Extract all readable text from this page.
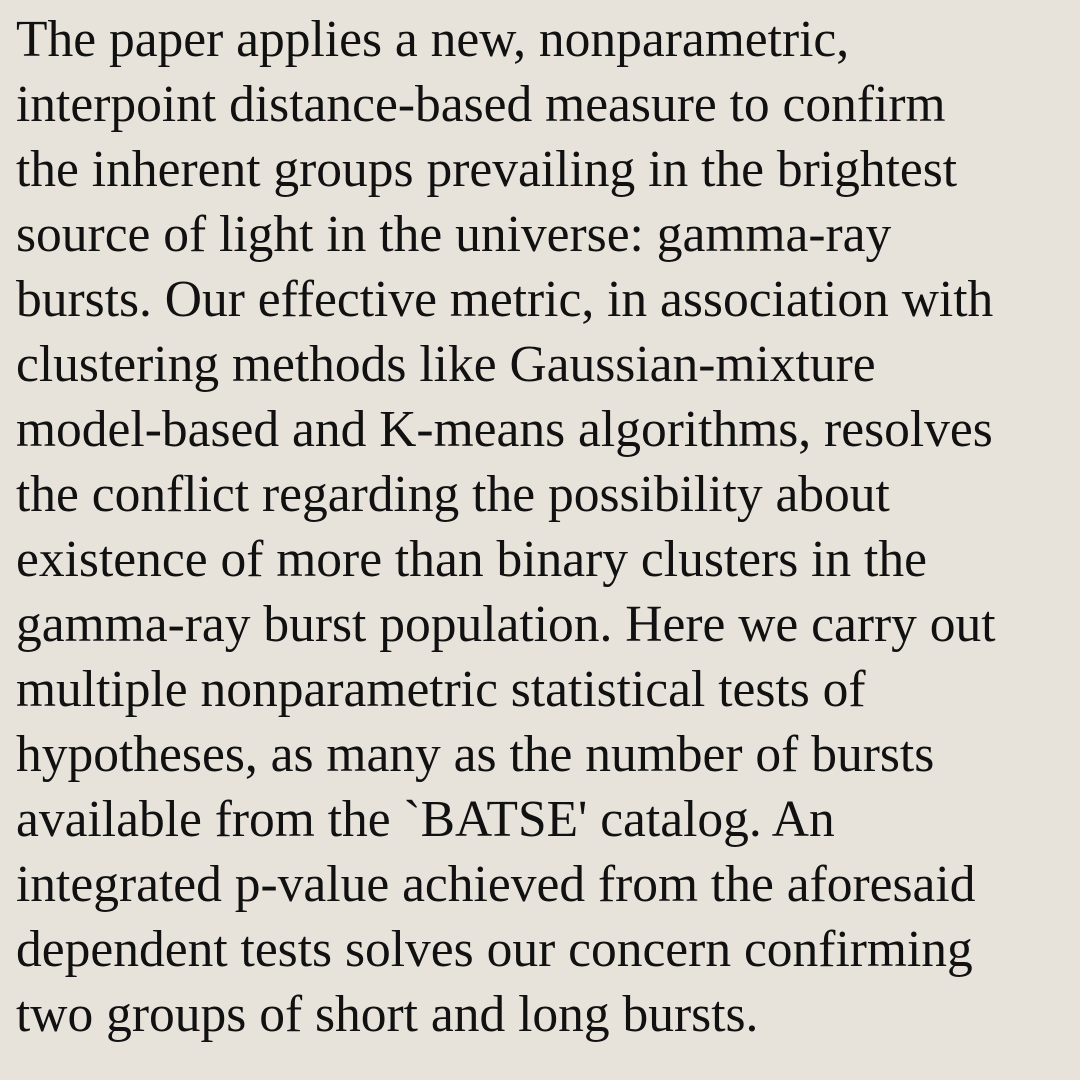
The paper applies a new, nonparametric,
interpoint distance-based measure to confirm
the inherent groups prevailing in the brightest
source of light in the universe: gamma-ray
bursts. Our effective metric, in association with
clustering methods like Gaussian-mixture
model-based and K-means algorithms, resolves
the conflict regarding the possibility about
existence of more than binary clusters in the
gamma-ray burst population. Here we carry out
multiple nonparametric statistical tests of
hypotheses, as many as the number of bursts
available from the `BATSE' catalog. An
integrated p-value achieved from the aforesaid
dependent tests solves our concern confirming
two groups of short and long bursts.
